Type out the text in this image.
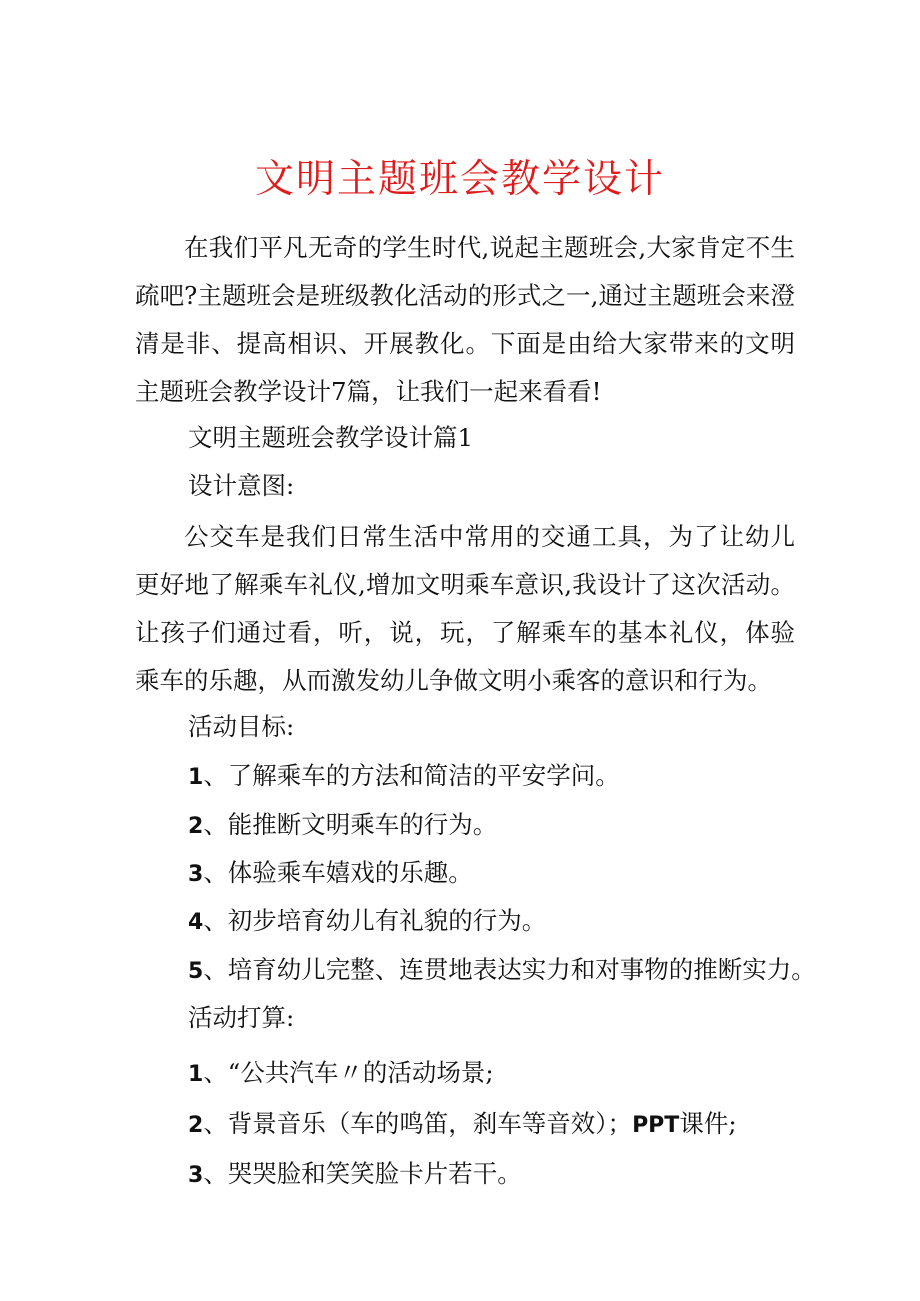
文明主题班会教学设计

在我们平凡无奇的学生时代,说起主题班会,大家肯定不生疏吧?主题班会是班级教化活动的形式之一,通过主题班会来澄清是非、提高相识、开展教化。下面是由给大家带来的文明主题班会教学设计7篇，让我们一起来看看!

文明主题班会教学设计篇1

设计意图:

公交车是我们日常生活中常用的交通工具，为了让幼儿更好地了解乘车礼仪,增加文明乘车意识,我设计了这次活动。让孩子们通过看，听，说，玩，了解乘车的基本礼仪，体验乘车的乐趣，从而激发幼儿争做文明小乘客的意识和行为。

活动目标:

1、了解乘车的方法和简洁的平安学问。

2、能推断文明乘车的行为。

3、体验乘车嬉戏的乐趣。

4、初步培育幼儿有礼貌的行为。

5、培育幼儿完整、连贯地表达实力和对事物的推断实力。

活动打算:

1、“公共汽车〃的活动场景;

2、背景音乐（车的鸣笛，刹车等音效）；PPT课件;

3、哭哭脸和笑笑脸卡片若干。
